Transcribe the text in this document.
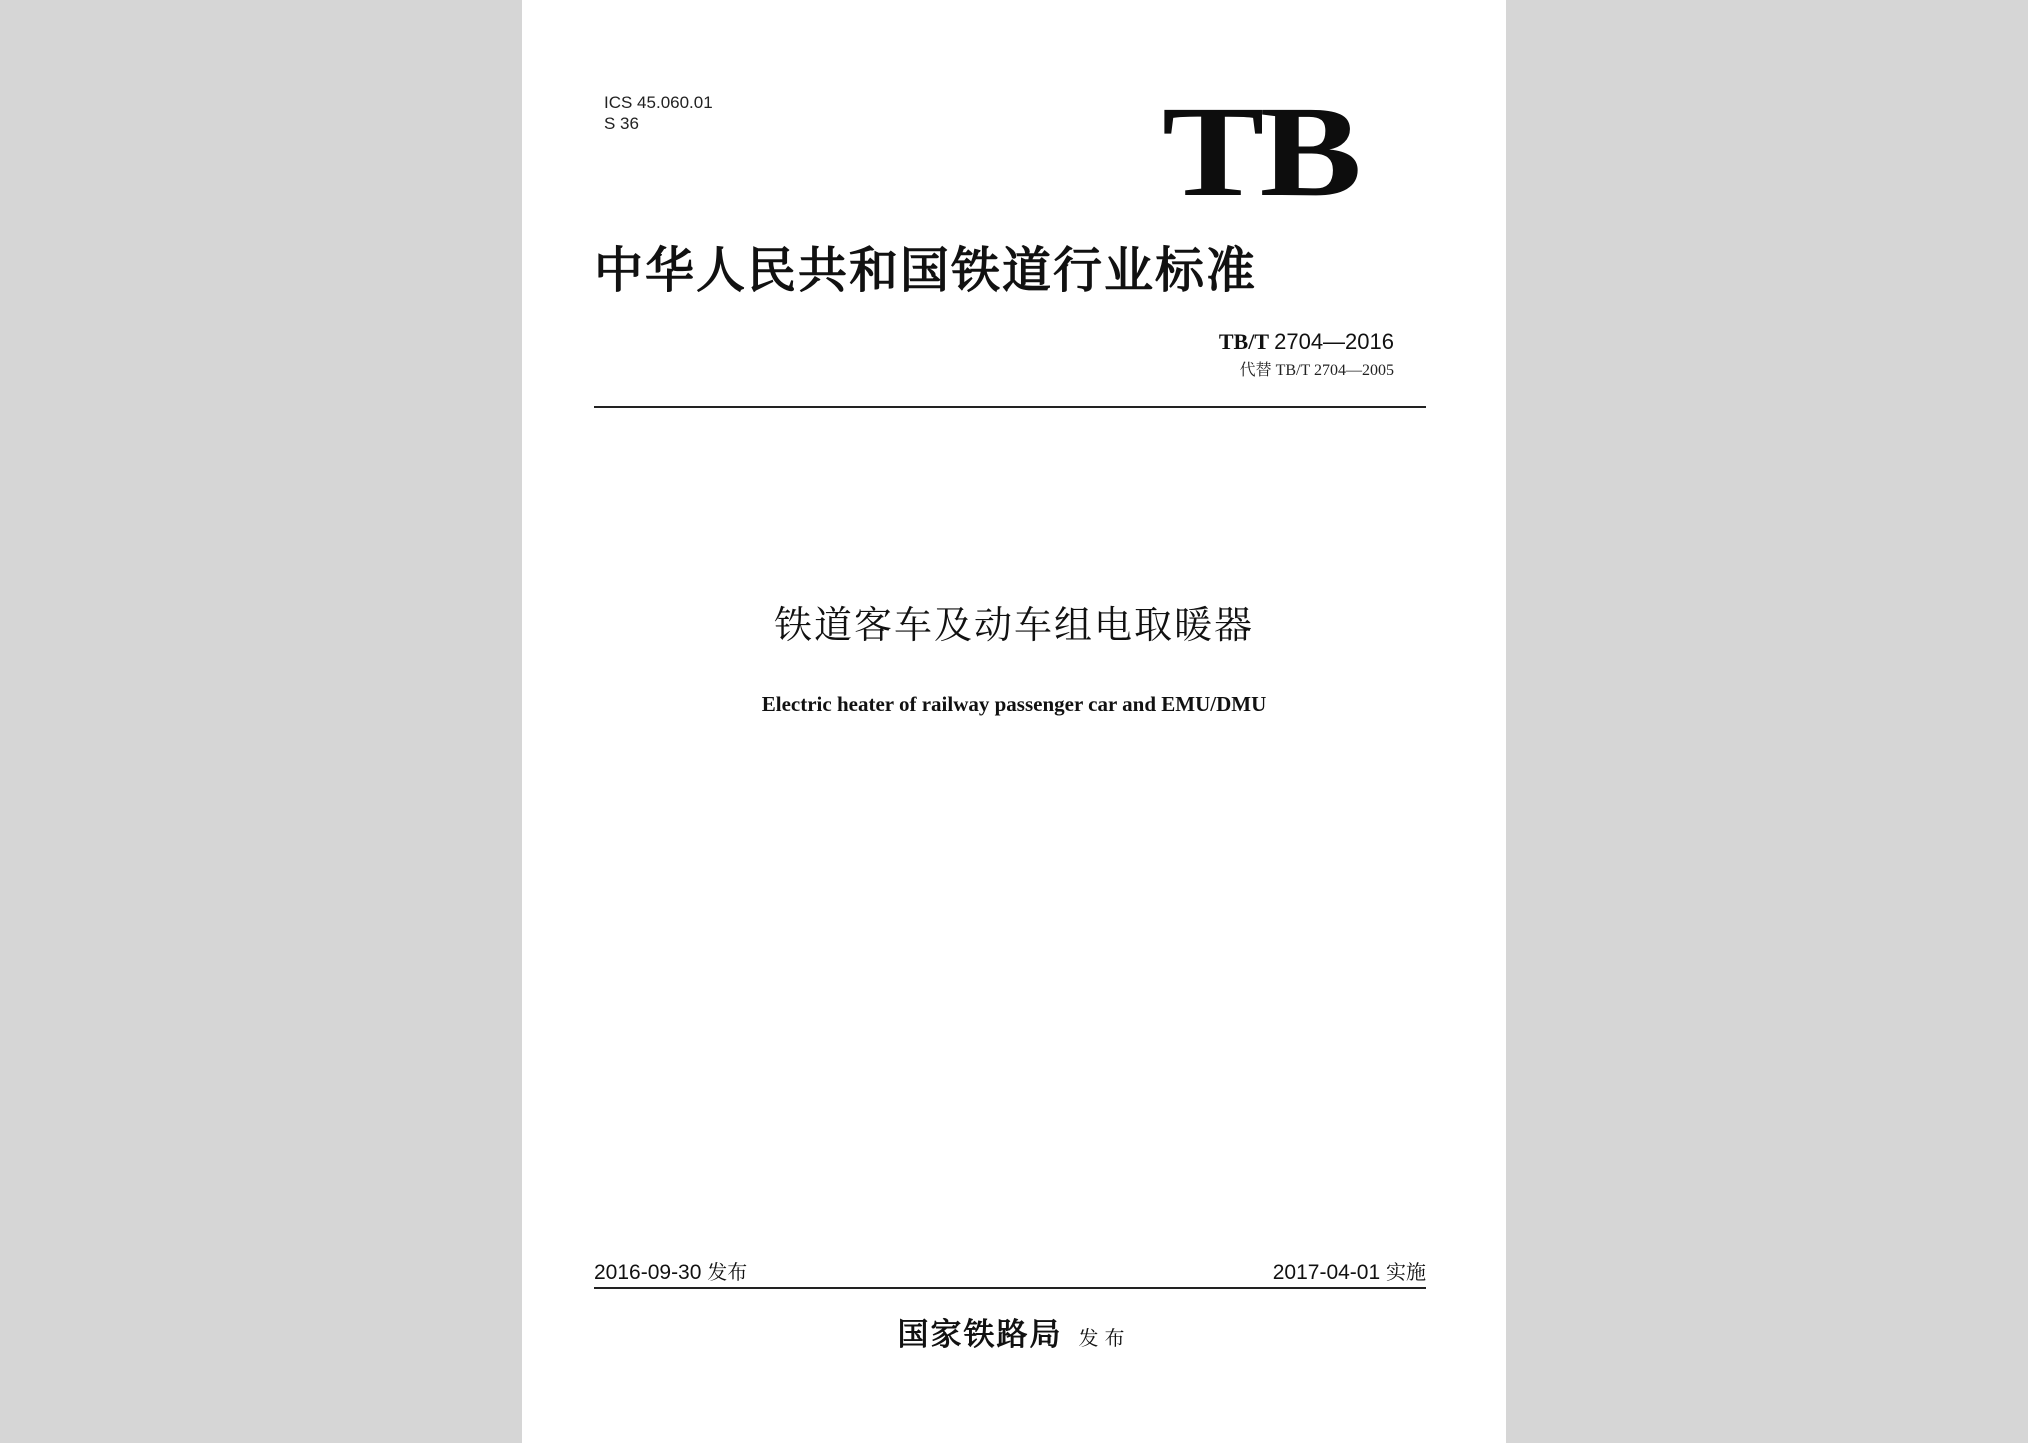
ICS 45.060.01
S 36	TB
中华人民共和国铁道行业标准
TB/T 2704—2016
代替 TB/T 2704—2005
铁道客车及动车组电取暖器
Electric heater of railway passenger car and EMU/DMU
2016-09-30 发布	2017-04-01 实施
国家铁路局 发布
